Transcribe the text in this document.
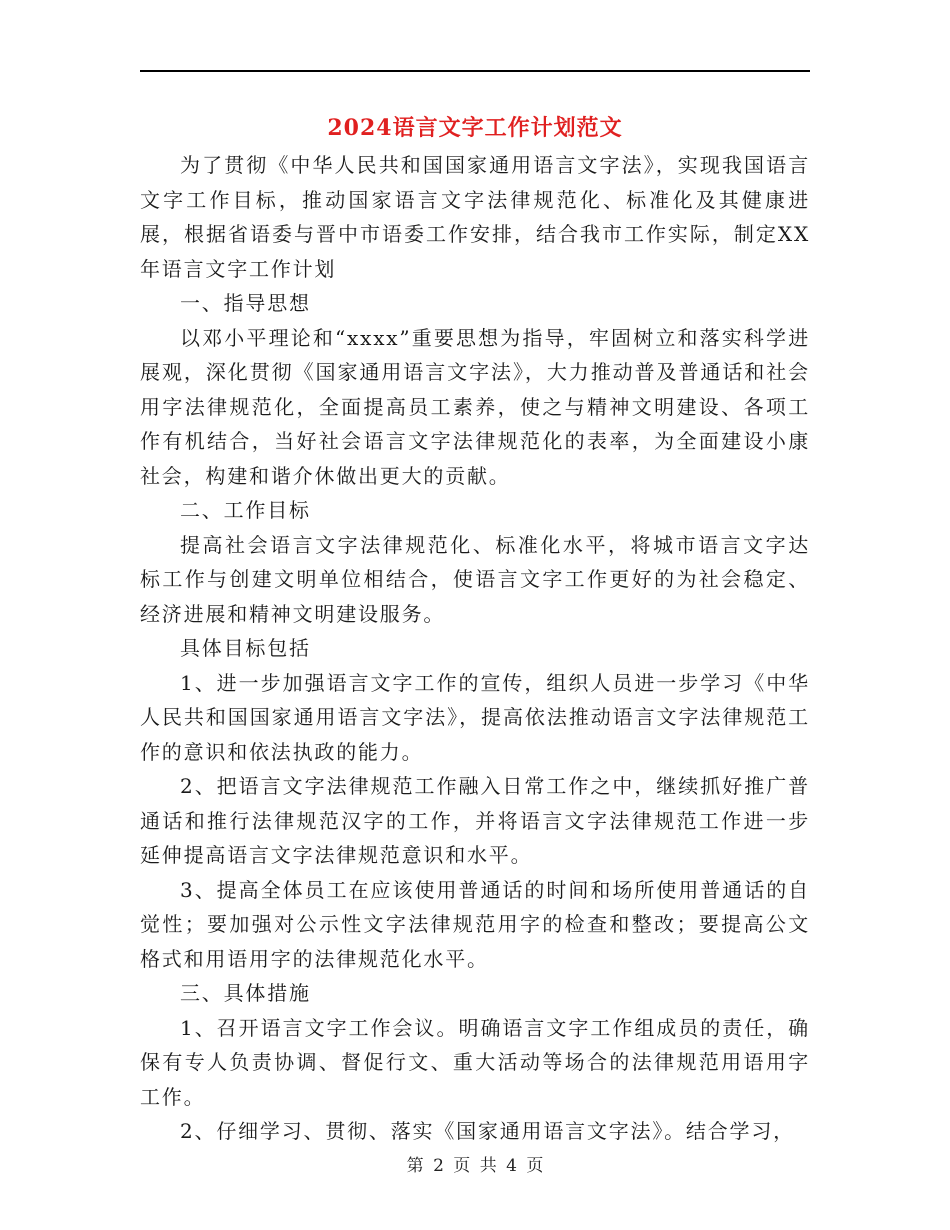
2024语言文字工作计划范文

为了贯彻《中华人民共和国国家通用语言文字法》，实现我国语言文字工作目标，推动国家语言文字法律规范化、标准化及其健康进展，根据省语委与晋中市语委工作安排，结合我市工作实际，制定XX年语言文字工作计划

一、指导思想

以邓小平理论和“xxxx”重要思想为指导，牢固树立和落实科学进展观，深化贯彻《国家通用语言文字法》，大力推动普及普通话和社会用字法律规范化，全面提高员工素养，使之与精神文明建设、各项工作有机结合，当好社会语言文字法律规范化的表率，为全面建设小康社会，构建和谐介休做出更大的贡献。

二、工作目标

提高社会语言文字法律规范化、标准化水平，将城市语言文字达标工作与创建文明单位相结合，使语言文字工作更好的为社会稳定、经济进展和精神文明建设服务。

具体目标包括

1、进一步加强语言文字工作的宣传，组织人员进一步学习《中华人民共和国国家通用语言文字法》，提高依法推动语言文字法律规范工作的意识和依法执政的能力。

2、把语言文字法律规范工作融入日常工作之中，继续抓好推广普通话和推行法律规范汉字的工作，并将语言文字法律规范工作进一步延伸提高语言文字法律规范意识和水平。

3、提高全体员工在应该使用普通话的时间和场所使用普通话的自觉性；要加强对公示性文字法律规范用字的检查和整改；要提高公文格式和用语用字的法律规范化水平。

三、具体措施

1、召开语言文字工作会议。明确语言文字工作组成员的责任，确保有专人负责协调、督促行文、重大活动等场合的法律规范用语用字工作。

2、仔细学习、贯彻、落实《国家通用语言文字法》。结合学习，

第 2 页 共 4 页
